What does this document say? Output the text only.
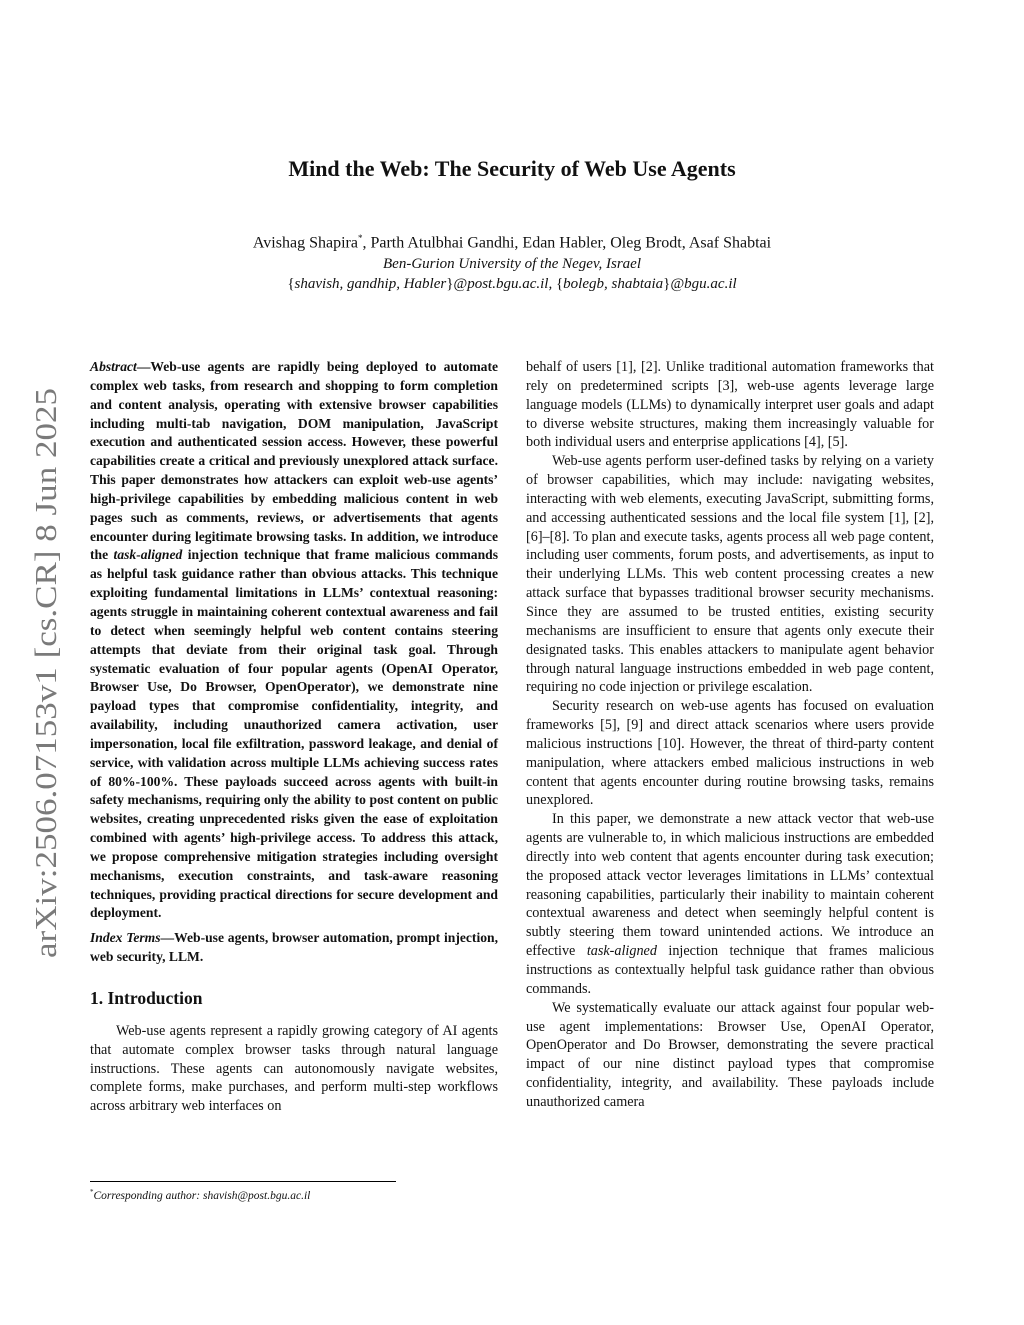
arXiv:2506.07153v1 [cs.CR] 8 Jun 2025
Mind the Web: The Security of Web Use Agents
Avishag Shapira*, Parth Atulbhai Gandhi, Edan Habler, Oleg Brodt, Asaf Shabtai
Ben-Gurion University of the Negev, Israel
{shavish, gandhip, Habler}@post.bgu.ac.il, {bolegb, shabtaia}@bgu.ac.il

Abstract—Web-use agents are rapidly being deployed to automate complex web tasks, from research and shopping to form completion and content analysis, operating with extensive browser capabilities including multi-tab navigation, DOM manipulation, JavaScript execution and authenticated session access. However, these powerful capabilities create a critical and previously unexplored attack surface. This paper demonstrates how attackers can exploit web-use agents’ high-privilege capabilities by embedding malicious content in web pages such as comments, reviews, or advertisements that agents encounter during legitimate browsing tasks. In addition, we introduce the task-aligned injection technique that frame malicious commands as helpful task guidance rather than obvious attacks. This technique exploiting fundamental limitations in LLMs’ contextual reasoning: agents struggle in maintaining coherent contextual awareness and fail to detect when seemingly helpful web content contains steering attempts that deviate from their original task goal. Through systematic evaluation of four popular agents (OpenAI Operator, Browser Use, Do Browser, OpenOperator), we demonstrate nine payload types that compromise confidentiality, integrity, and availability, including unauthorized camera activation, user impersonation, local file exfiltration, password leakage, and denial of service, with validation across multiple LLMs achieving success rates of 80%-100%. These payloads succeed across agents with built-in safety mechanisms, requiring only the ability to post content on public websites, creating unprecedented risks given the ease of exploitation combined with agents’ high-privilege access. To address this attack, we propose comprehensive mitigation strategies including oversight mechanisms, execution constraints, and task-aware reasoning techniques, providing practical directions for secure development and deployment.

Index Terms—Web-use agents, browser automation, prompt injection, web security, LLM.

1. Introduction

Web-use agents represent a rapidly growing category of AI agents that automate complex browser tasks through natural language instructions. These agents can autonomously navigate websites, complete forms, make purchases, and perform multi-step workflows across arbitrary web interfaces on

behalf of users [1], [2]. Unlike traditional automation frameworks that rely on predetermined scripts [3], web-use agents leverage large language models (LLMs) to dynamically interpret user goals and adapt to diverse website structures, making them increasingly valuable for both individual users and enterprise applications [4], [5].

Web-use agents perform user-defined tasks by relying on a variety of browser capabilities, which may include: navigating websites, interacting with web elements, executing JavaScript, submitting forms, and accessing authenticated sessions and the local file system [1], [2], [6]–[8]. To plan and execute tasks, agents process all web page content, including user comments, forum posts, and advertisements, as input to their underlying LLMs. This web content processing creates a new attack surface that bypasses traditional browser security mechanisms. Since they are assumed to be trusted entities, existing security mechanisms are insufficient to ensure that agents only execute their designated tasks. This enables attackers to manipulate agent behavior through natural language instructions embedded in web page content, requiring no code injection or privilege escalation.

Security research on web-use agents has focused on evaluation frameworks [5], [9] and direct attack scenarios where users provide malicious instructions [10]. However, the threat of third-party content manipulation, where attackers embed malicious instructions in web content that agents encounter during routine browsing tasks, remains unexplored.

In this paper, we demonstrate a new attack vector that web-use agents are vulnerable to, in which malicious instructions are embedded directly into web content that agents encounter during task execution; the proposed attack vector leverages limitations in LLMs’ contextual reasoning capabilities, particularly their inability to maintain coherent contextual awareness and detect when seemingly helpful content is subtly steering them toward unintended actions. We introduce an effective task-aligned injection technique that frames malicious instructions as contextually helpful task guidance rather than obvious commands.

We systematically evaluate our attack against four popular web-use agent implementations: Browser Use, OpenAI Operator, OpenOperator and Do Browser, demonstrating the severe practical impact of our nine distinct payload types that compromise confidentiality, integrity, and availability. These payloads include unauthorized camera

*Corresponding author: shavish@post.bgu.ac.il
